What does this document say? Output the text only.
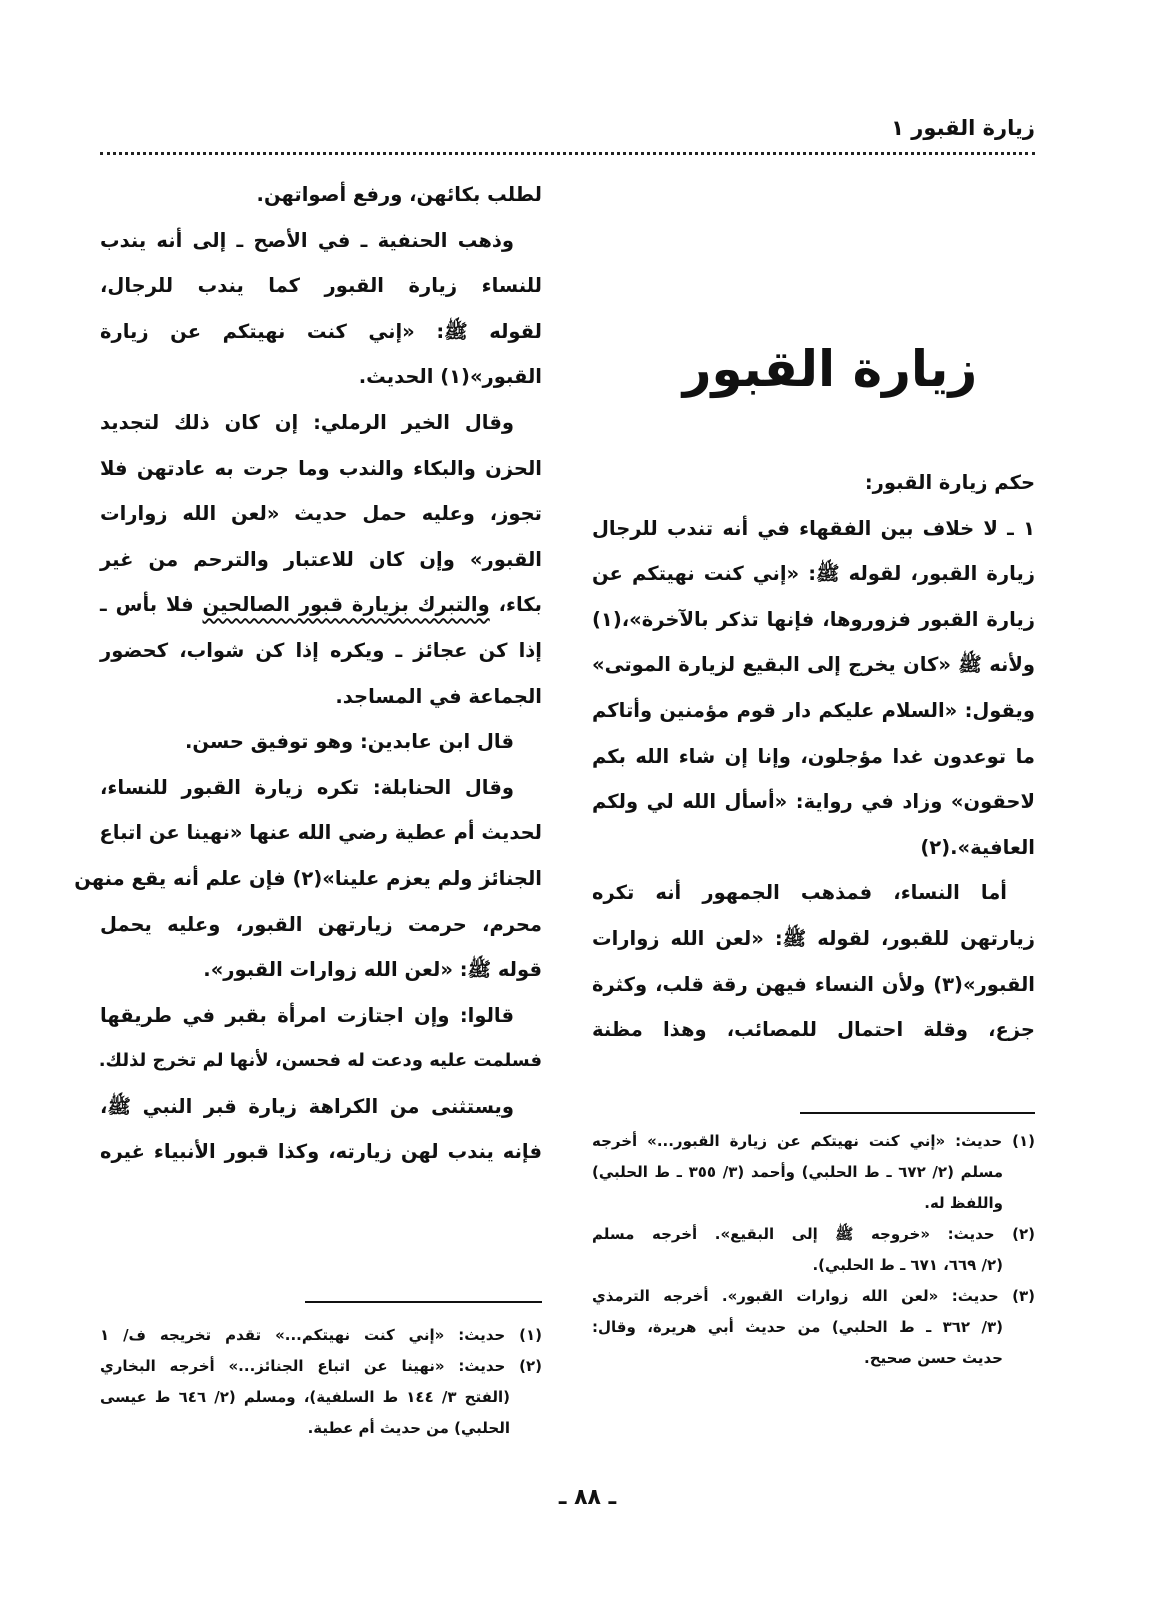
زيارة القبور ١
لطلب بكائهن، ورفع أصواتهن.
وذهب الحنفية ـ في الأصح ـ إلى أنه يندب
للنساء زيارة القبور كما يندب للرجال،
لقوله ﷺ: «إني كنت نهيتكم عن زيارة
القبور»(١) الحديث.
وقال الخير الرملي: إن كان ذلك لتجديد
الحزن والبكاء والندب وما جرت به عادتهن فلا
تجوز، وعليه حمل حديث «لعن الله زوارات
القبور» وإن كان للاعتبار والترحم من غير
بكاء، والتبرك بزيارة قبور الصالحين فلا بأس ـ
إذا كن عجائز ـ ويكره إذا كن شواب، كحضور
الجماعة في المساجد.
قال ابن عابدين: وهو توفيق حسن.
وقال الحنابلة: تكره زيارة القبور للنساء،
لحديث أم عطية رضي الله عنها «نهينا عن اتباع
الجنائز ولم يعزم علينا»(٢) فإن علم أنه يقع منهن
محرم، حرمت زيارتهن القبور، وعليه يحمل
قوله ﷺ: «لعن الله زوارات القبور».
قالوا: وإن اجتازت امرأة بقبر في طريقها
فسلمت عليه ودعت له فحسن، لأنها لم تخرج لذلك.
ويستثنى من الكراهة زيارة قبر النبي ﷺ،
فإنه يندب لهن زيارته، وكذا قبور الأنبياء غيره
زيارة القبور
حكم زيارة القبور:
١ ـ لا خلاف بين الفقهاء في أنه تندب للرجال
زيارة القبور، لقوله ﷺ: «إني كنت نهيتكم عن
زيارة القبور فزوروها، فإنها تذكر بالآخرة»،(١)
ولأنه ﷺ «كان يخرج إلى البقيع لزيارة الموتى»
ويقول: «السلام عليكم دار قوم مؤمنين وأتاكم
ما توعدون غدا مؤجلون، وإنا إن شاء الله بكم
لاحقون» وزاد في رواية: «أسأل الله لي ولكم
العافية».(٢)
أما النساء، فمذهب الجمهور أنه تكره
زيارتهن للقبور، لقوله ﷺ: «لعن الله زوارات
القبور»(٣) ولأن النساء فيهن رقة قلب، وكثرة
جزع، وقلة احتمال للمصائب، وهذا مظنة
(١) حديث: «إني كنت نهيتكم عن زيارة القبور...» أخرجه
مسلم (٢/ ٦٧٢ ـ ط الحلبي) وأحمد (٣/ ٣٥٥ ـ ط الحلبي)
واللفظ له.
(٢) حديث: «خروجه ﷺ إلى البقيع». أخرجه مسلم
(٢/ ٦٦٩، ٦٧١ ـ ط الحلبي).
(٣) حديث: «لعن الله زوارات القبور». أخرجه الترمذي
(٣/ ٣٦٢ ـ ط الحلبي) من حديث أبي هريرة، وقال:
حديث حسن صحيح.
(١) حديث: «إني كنت نهيتكم...» تقدم تخريجه ف/ ١
(٢) حديث: «نهينا عن اتباع الجنائز...» أخرجه البخاري
(الفتح ٣/ ١٤٤ ط السلفية)، ومسلم (٢/ ٦٤٦ ط عيسى
الحلبي) من حديث أم عطية.
ـ ٨٨ ـ
